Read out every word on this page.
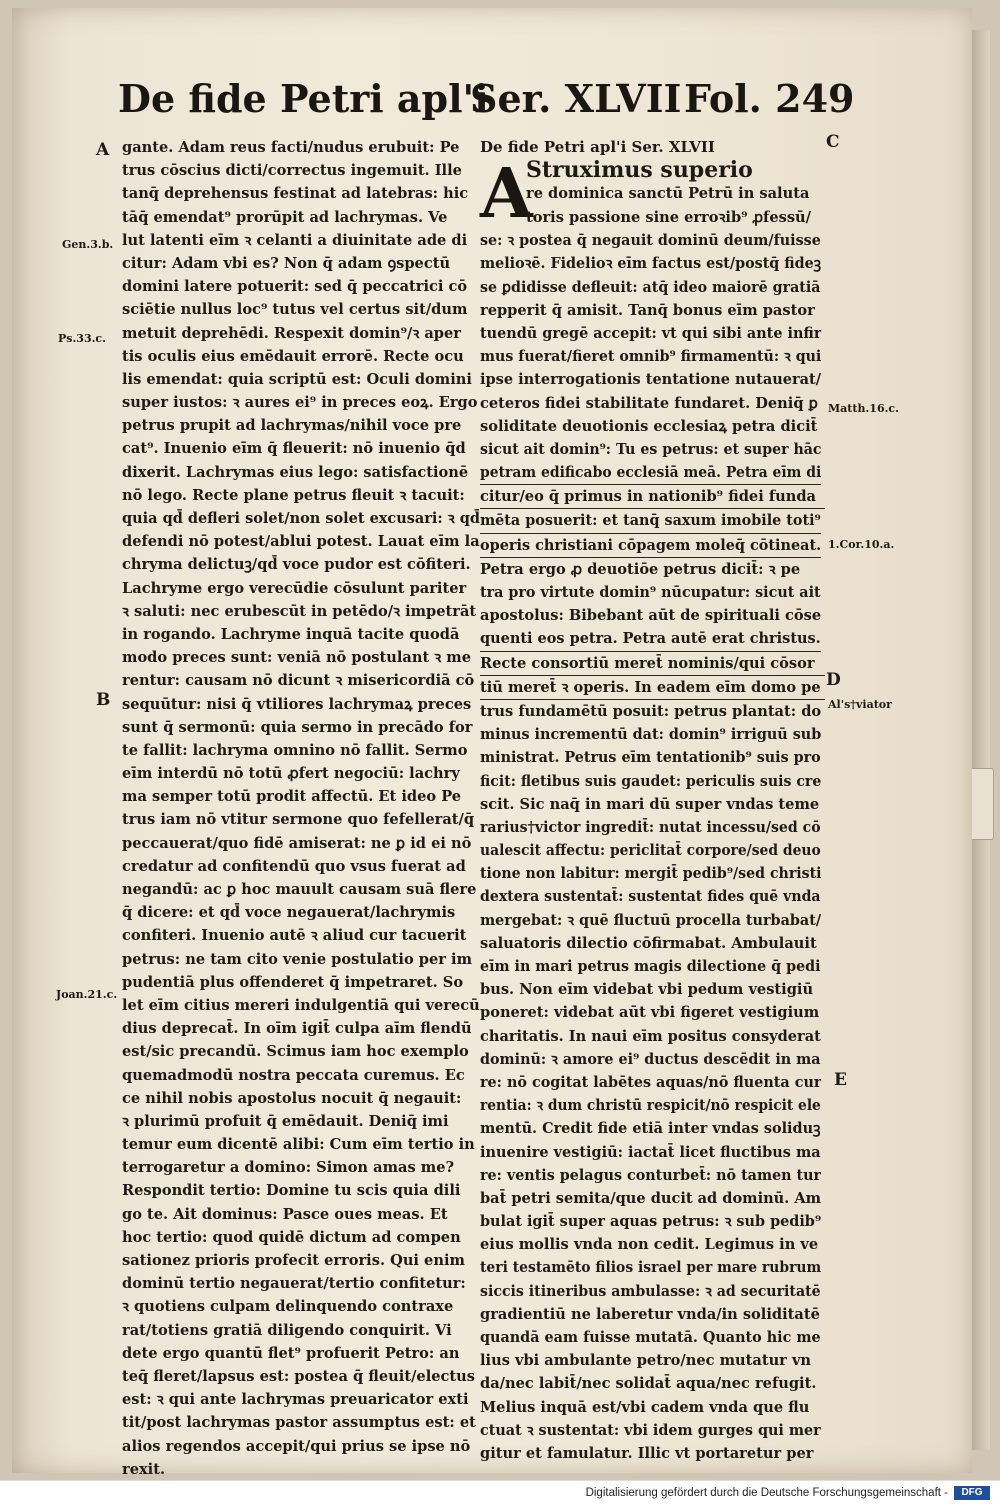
De fide Petri apl'i
Ser. XLVII Fol. 249
gante. Adam reus facti/nudus erubuit: Pe
trus cōscius dicti/correctus ingemuit. Ille
tanq̄ deprehensus festinat ad latebras: hic
tāq̄ emendat⁹ prorūpit ad lachrymas. Ve
lut latenti eīm ꝛ celanti a diuinitate ade di
citur: Adam vbi es? Non q̄ adam ꝯspectū
domini latere potuerit: sed q̄ peccatrici cō
sciētie nullus loc⁹ tutus vel certus sit/dum
metuit deprehēdi. Respexit domin⁹/ꝛ aper
tis oculis eius emēdauit errorē. Recte ocu
lis emendat: quia scriptū est: Oculi domini
super iustos: ꝛ aures ei⁹ in preces eoꝝ. Ergo
petrus prupit ad lachrymas/nihil voce pre
cat⁹. Inuenio eīm q̄ fleuerit: nō inuenio q̄d
dixerit. Lachrymas eius lego: satisfactionē
nō lego. Recte plane petrus fleuit ꝛ tacuit:
quia qd̄ defleri solet/non solet excusari: ꝛ qd̄
defendi nō potest/ablui potest. Lauat eīm la
chryma delictuꝫ/qd̄ voce pudor est cōfiteri.
Lachryme ergo verecūdie cōsulunt pariter
ꝛ saluti: nec erubescūt in petēdo/ꝛ impetrāt
in rogando. Lachryme inquā tacite quodā
modo preces sunt: veniā nō postulant ꝛ me
rentur: causam nō dicunt ꝛ misericordiā cō
sequūtur: nisi q̄ vtiliores lachrymaꝝ preces
sunt q̄ sermonū: quia sermo in precādo for
te fallit: lachryma omnino nō fallit. Sermo
eīm interdū nō totū ꝓfert negociū: lachry
ma semper totū prodit affectū. Et ideo Pe
trus iam nō vtitur sermone quo fefellerat/q̄
peccauerat/quo fidē amiserat: ne ꝑ id ei nō
credatur ad confitendū quo vsus fuerat ad
negandū: ac ꝑ hoc mauult causam suā flere
q̄ dicere: et qd̄ voce negauerat/lachrymis
confiteri. Inuenio autē ꝛ aliud cur tacuerit
petrus: ne tam cito venie postulatio per im
pudentiā plus offenderet q̄ impetraret. So
let eīm citius mereri indulgentiā qui verecū
dius deprecat̄. In oīm igit̄ culpa aīm flendū
est/sic precandū. Scimus iam hoc exemplo
quemadmodū nostra peccata curemus. Ec
ce nihil nobis apostolus nocuit q̄ negauit:
ꝛ plurimū profuit q̄ emēdauit. Deniq̄ imi
temur eum dicentē alibi: Cum eīm tertio in
terrogaretur a domino: Simon amas me?
Respondit tertio: Domine tu scis quia dili
go te. Ait dominus: Pasce oues meas. Et
hoc tertio: quod quidē dictum ad compen
sationez prioris profecit erroris. Qui enim
dominū tertio negauerat/tertio confitetur:
ꝛ quotiens culpam delinquendo contraxe
rat/totiens gratiā diligendo conquirit. Vi
dete ergo quantū flet⁹ profuerit Petro: an
teq̄ fleret/lapsus est: postea q̄ fleuit/electus
est: ꝛ qui ante lachrymas preuaricator exti
tit/post lachrymas pastor assumptus est: et
alios regendos accepit/qui prius se ipse nō
rexit.
De fide Petri apl'i Ser. XLVII
A
Struximus superio
re dominica sanctū Petrū in saluta
toris passione sine erroꝛib⁹ ꝓfessū/
se: ꝛ postea q̄ negauit dominū deum/fuisse
melioꝛē. Fidelioꝛ eīm factus est/postq̄ fideꝫ
se ꝑdidisse defleuit: atq̄ ideo maiorē gratiā
repperit q̄ amisit. Tanq̄ bonus eīm pastor
tuendū gregē accepit: vt qui sibi ante infir
mus fuerat/fieret omnib⁹ firmamentū: ꝛ qui
ipse interrogationis tentatione nutauerat/
ceteros fidei stabilitate fundaret. Deniq̄ ꝑ
soliditate deuotionis ecclesiaꝝ petra dicit̄
sicut ait domin⁹: Tu es petrus: et super hāc
petram edificabo ecclesiā meā. Petra eīm di
citur/eo q̄ primus in nationib⁹ fidei funda
mēta posuerit: et tanq̄ saxum imobile toti⁹
operis christiani cōpagem moleq̄ cōtineat.
Petra ergo ꝓ deuotiōe petrus dicit̄: ꝛ pe
tra pro virtute domin⁹ nūcupatur: sicut ait
apostolus: Bibebant aūt de spirituali cōse
quenti eos petra. Petra autē erat christus.
Recte consortiū meret̄ nominis/qui cōsor
tiū meret̄ ꝛ operis. In eadem eīm domo pe
trus fundamētū posuit: petrus plantat: do
minus incrementū dat: domin⁹ irriguū sub
ministrat. Petrus eīm tentationib⁹ suis pro
ficit: fletibus suis gaudet: periculis suis cre
scit. Sic naq̄ in mari dū super vndas teme
rarius†victor ingredit̄: nutat incessu/sed cō
ualescit affectu: periclitat̄ corpore/sed deuo
tione non labitur: mergit̄ pedib⁹/sed christi
dextera sustentat̄: sustentat fides quē vnda
mergebat: ꝛ quē fluctuū procella turbabat/
saluatoris dilectio cōfirmabat. Ambulauit
eīm in mari petrus magis dilectione q̄ pedi
bus. Non eīm videbat vbi pedum vestigiū
poneret: videbat aūt vbi figeret vestigium
charitatis. In naui eīm positus consyderat
dominū: ꝛ amore ei⁹ ductus descēdit in ma
re: nō cogitat labētes aquas/nō fluenta cur
rentia: ꝛ dum christū respicit/nō respicit ele
mentū. Credit fide etiā inter vndas soliduꝫ
inuenire vestigiū: iactat̄ licet fluctibus ma
re: ventis pelagus conturbet̄: nō tamen tur
bat̄ petri semita/que ducit ad dominū. Am
bulat igit̄ super aquas petrus: ꝛ sub pedib⁹
eius mollis vnda non cedit. Legimus in ve
teri testamēto filios israel per mare rubrum
siccis itineribus ambulasse: ꝛ ad securitatē
gradientiū ne laberetur vnda/in soliditatē
quandā eam fuisse mutatā. Quanto hic me
lius vbi ambulante petro/nec mutatur vn
da/nec labit̄/nec solidat̄ aqua/nec refugit.
Melius inquā est/vbi cadem vnda que flu
ctuat ꝛ sustentat: vbi idem gurges qui mer
gitur et famulatur. Illic vt portaretur per
Gen.3.b.
Ps.33.c.
Joan.21.c.
Matth.16.c.
1.Cor.10.a.
Al's†viator
A
B
C
D
E
Digitalisierung gefördert durch die Deutsche Forschungsgemeinschaft -	DFG
